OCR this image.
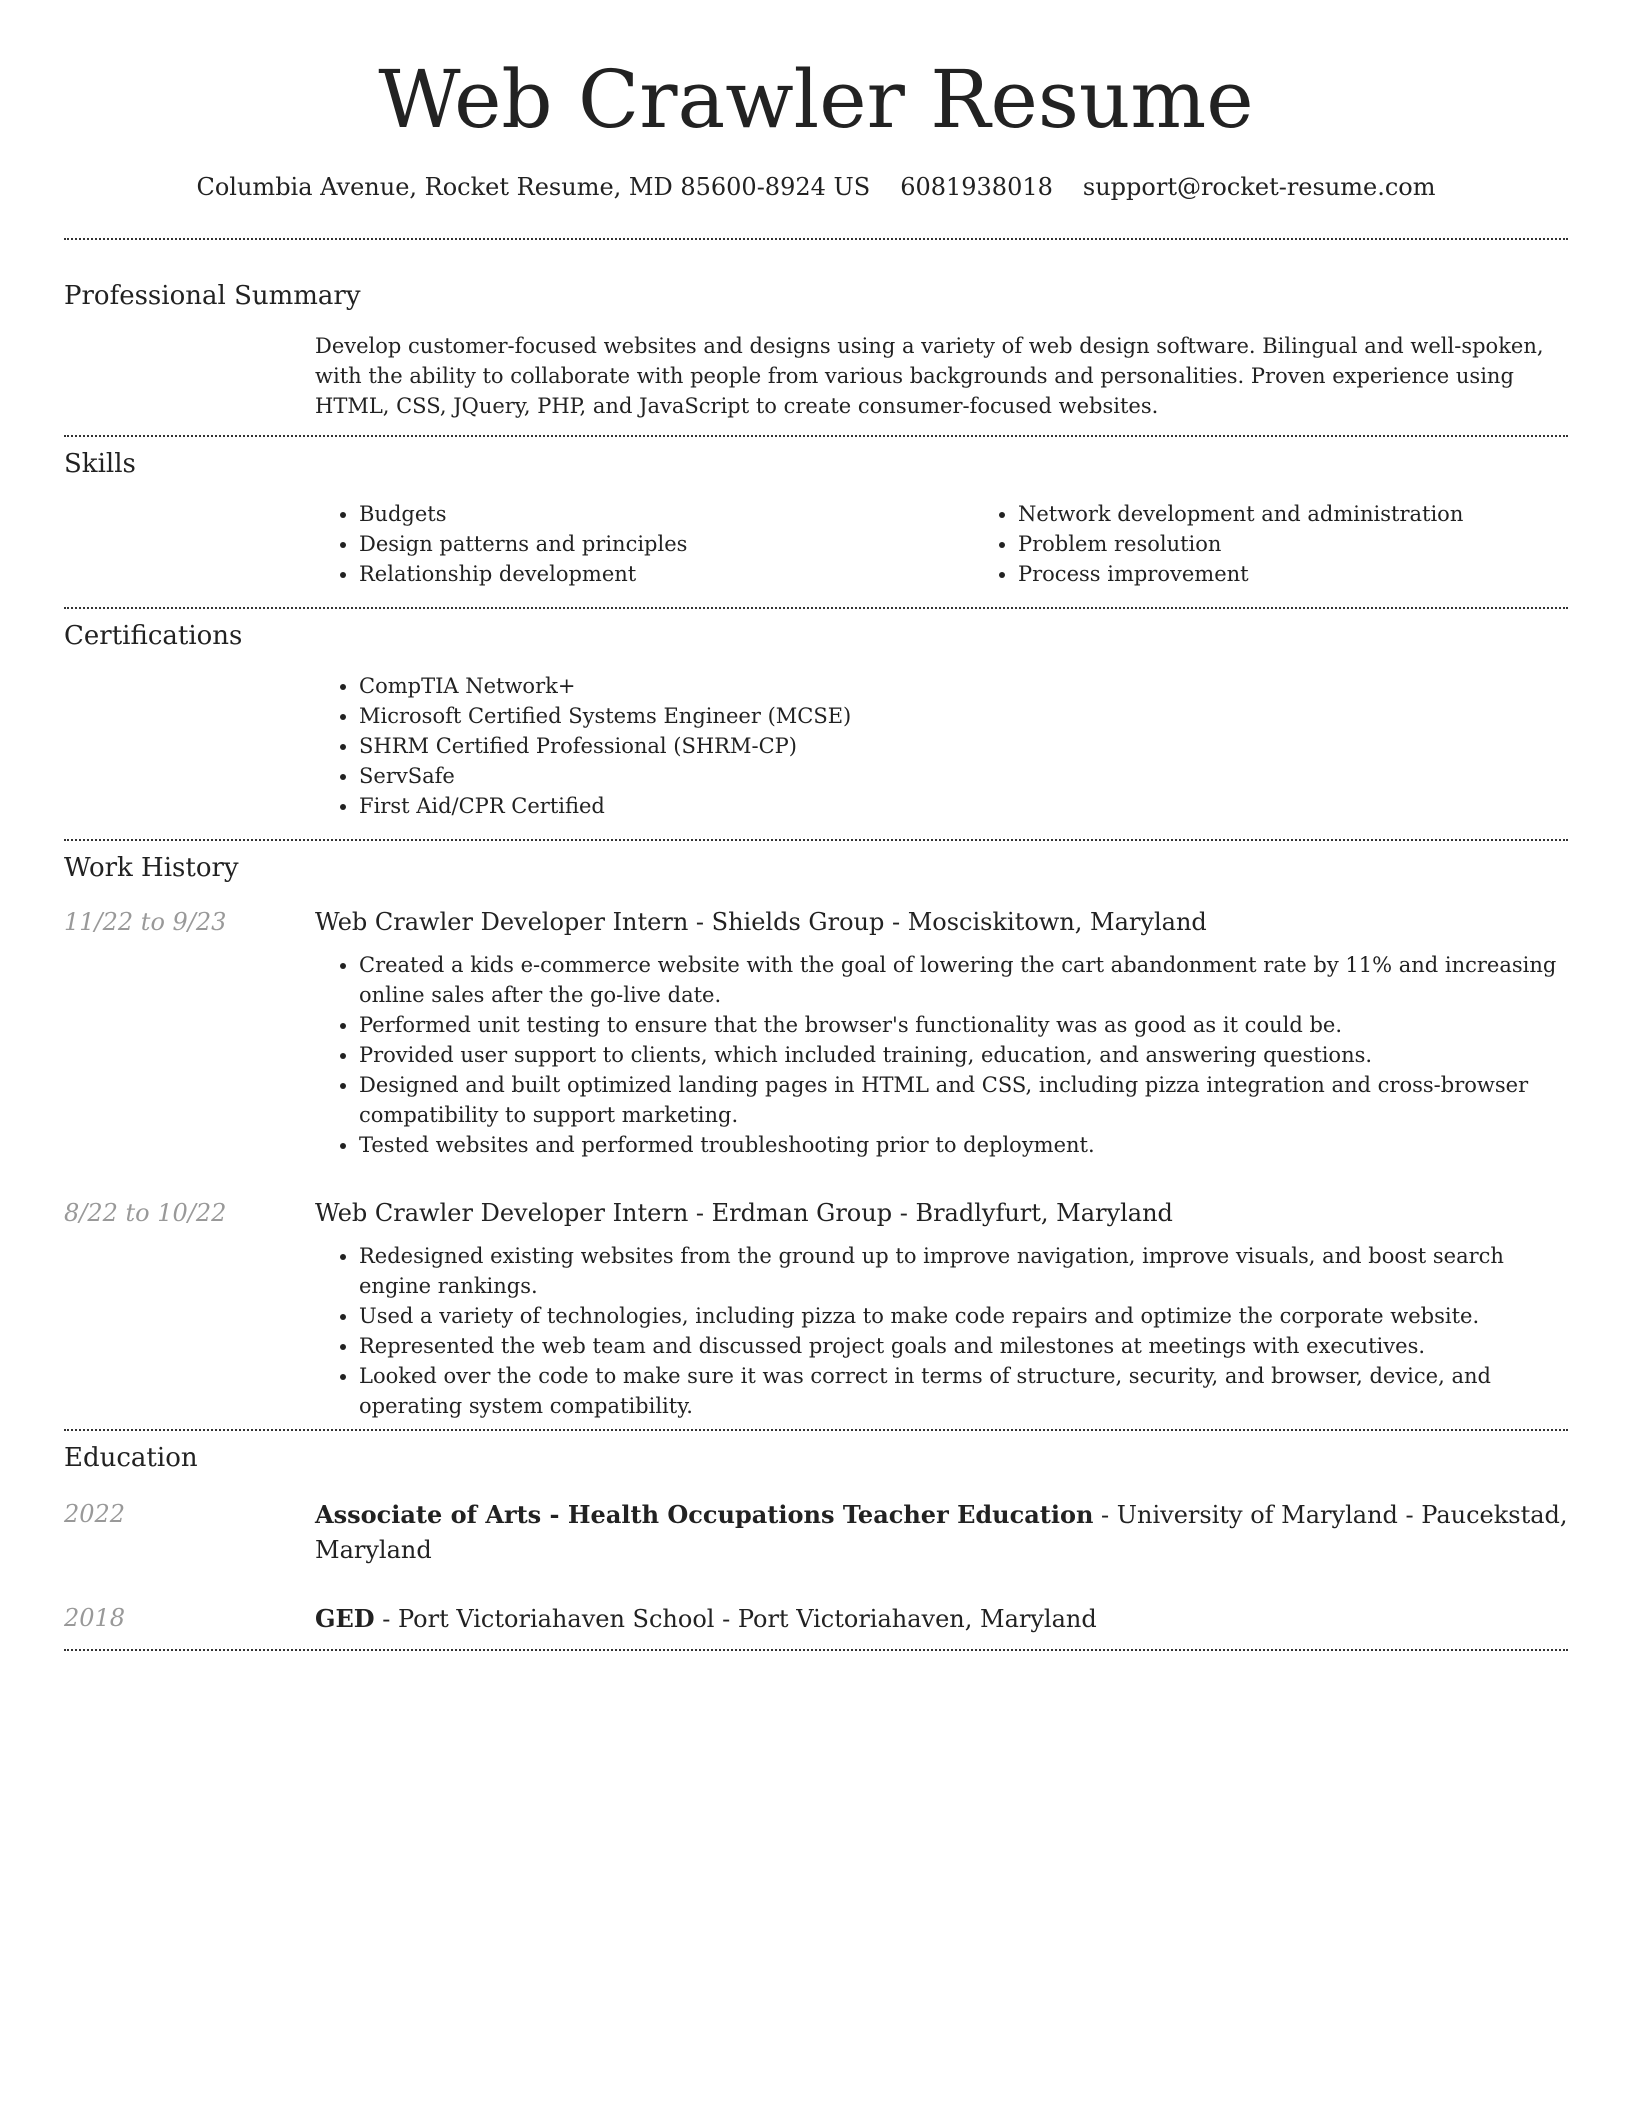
Web Crawler Resume
Columbia Avenue, Rocket Resume, MD 85600-8924 US 6081938018 support@rocket-resume.com
Professional Summary

Develop customer-focused websites and designs using a variety of web design software. Bilingual and well-spoken, with the ability to collaborate with people from various backgrounds and personalities. Proven experience using HTML, CSS, JQuery, PHP, and JavaScript to create consumer-focused websites.

Skills
• Budgets
• Design patterns and principles
• Relationship development
• Network development and administration
• Problem resolution
• Process improvement
Certifications
• CompTIA Network+
• Microsoft Certified Systems Engineer (MCSE)
• SHRM Certified Professional (SHRM-CP)
• ServSafe
• First Aid/CPR Certified
Work History
11/22 to 9/23	Web Crawler Developer Intern - Shields Group - Mosciskitown, Maryland
• Created a kids e-commerce website with the goal of lowering the cart abandonment rate by 11% and increasing online sales after the go-live date.
• Performed unit testing to ensure that the browser's functionality was as good as it could be.
• Provided user support to clients, which included training, education, and answering questions.
• Designed and built optimized landing pages in HTML and CSS, including pizza integration and cross-browser compatibility to support marketing.
• Tested websites and performed troubleshooting prior to deployment.
8/22 to 10/22	Web Crawler Developer Intern - Erdman Group - Bradlyfurt, Maryland
• Redesigned existing websites from the ground up to improve navigation, improve visuals, and boost search engine rankings.
• Used a variety of technologies, including pizza to make code repairs and optimize the corporate website.
• Represented the web team and discussed project goals and milestones at meetings with executives.
• Looked over the code to make sure it was correct in terms of structure, security, and browser, device, and operating system compatibility.
Education
2022	Associate of Arts - Health Occupations Teacher Education - University of Maryland - Paucekstad, Maryland
2018	GED - Port Victoriahaven School - Port Victoriahaven, Maryland
